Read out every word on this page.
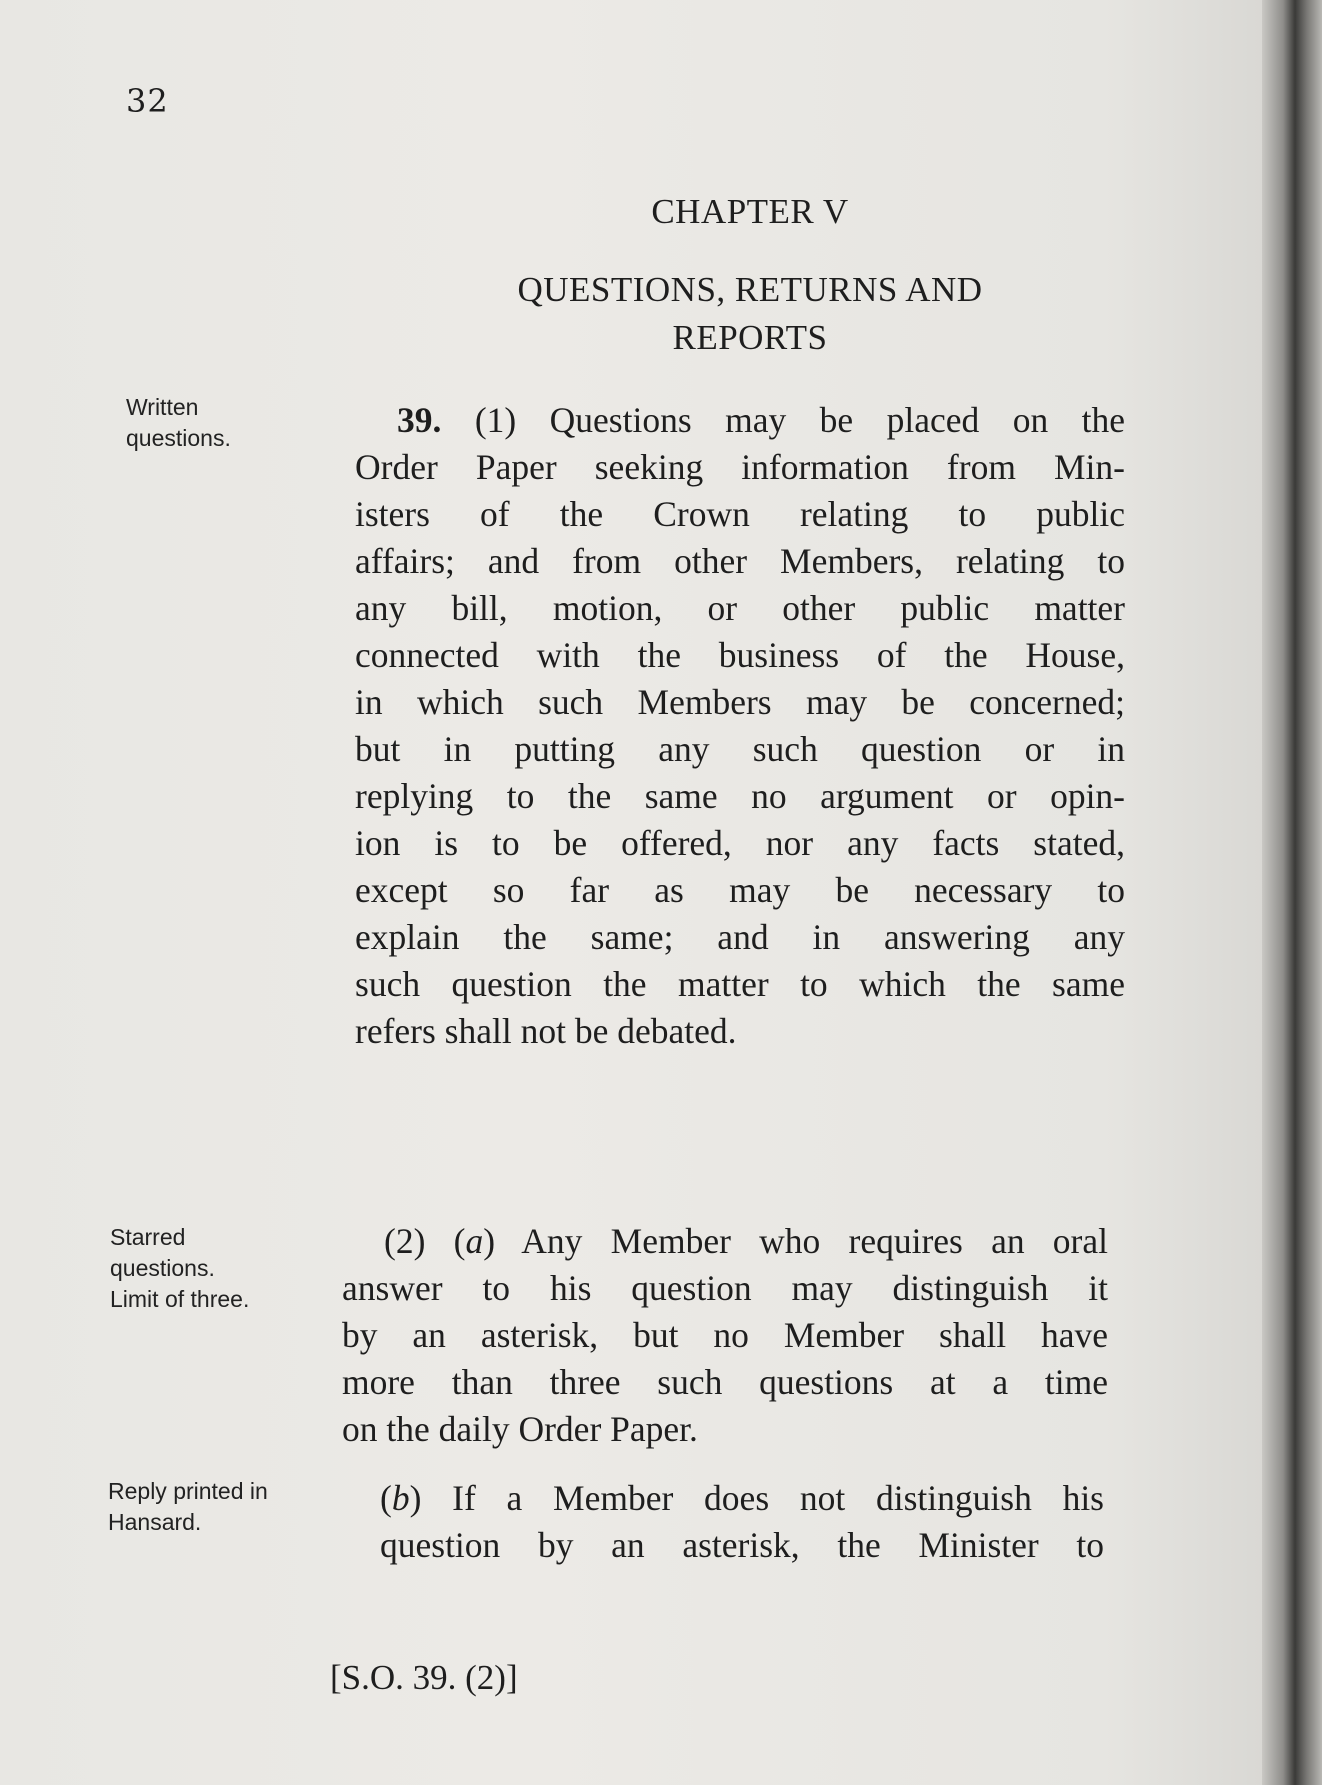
32
CHAPTER V
QUESTIONS, RETURNS AND
REPORTS
Written
questions.
Starred
questions.
Limit of three.
Reply printed in
Hansard.
39. (1) Questions may be placed on the
Order Paper seeking information from Min-
isters of the Crown relating to public
affairs; and from other Members, relating to
any bill, motion, or other public matter
connected with the business of the House,
in which such Members may be concerned;
but in putting any such question or in
replying to the same no argument or opin-
ion is to be offered, nor any facts stated,
except so far as may be necessary to
explain the same; and in answering any
such question the matter to which the same
refers shall not be debated.
(2) (a) Any Member who requires an oral
answer to his question may distinguish it
by an asterisk, but no Member shall have
more than three such questions at a time
on the daily Order Paper.
(b) If a Member does not distinguish his
question by an asterisk, the Minister to
[S.O. 39. (2)]
